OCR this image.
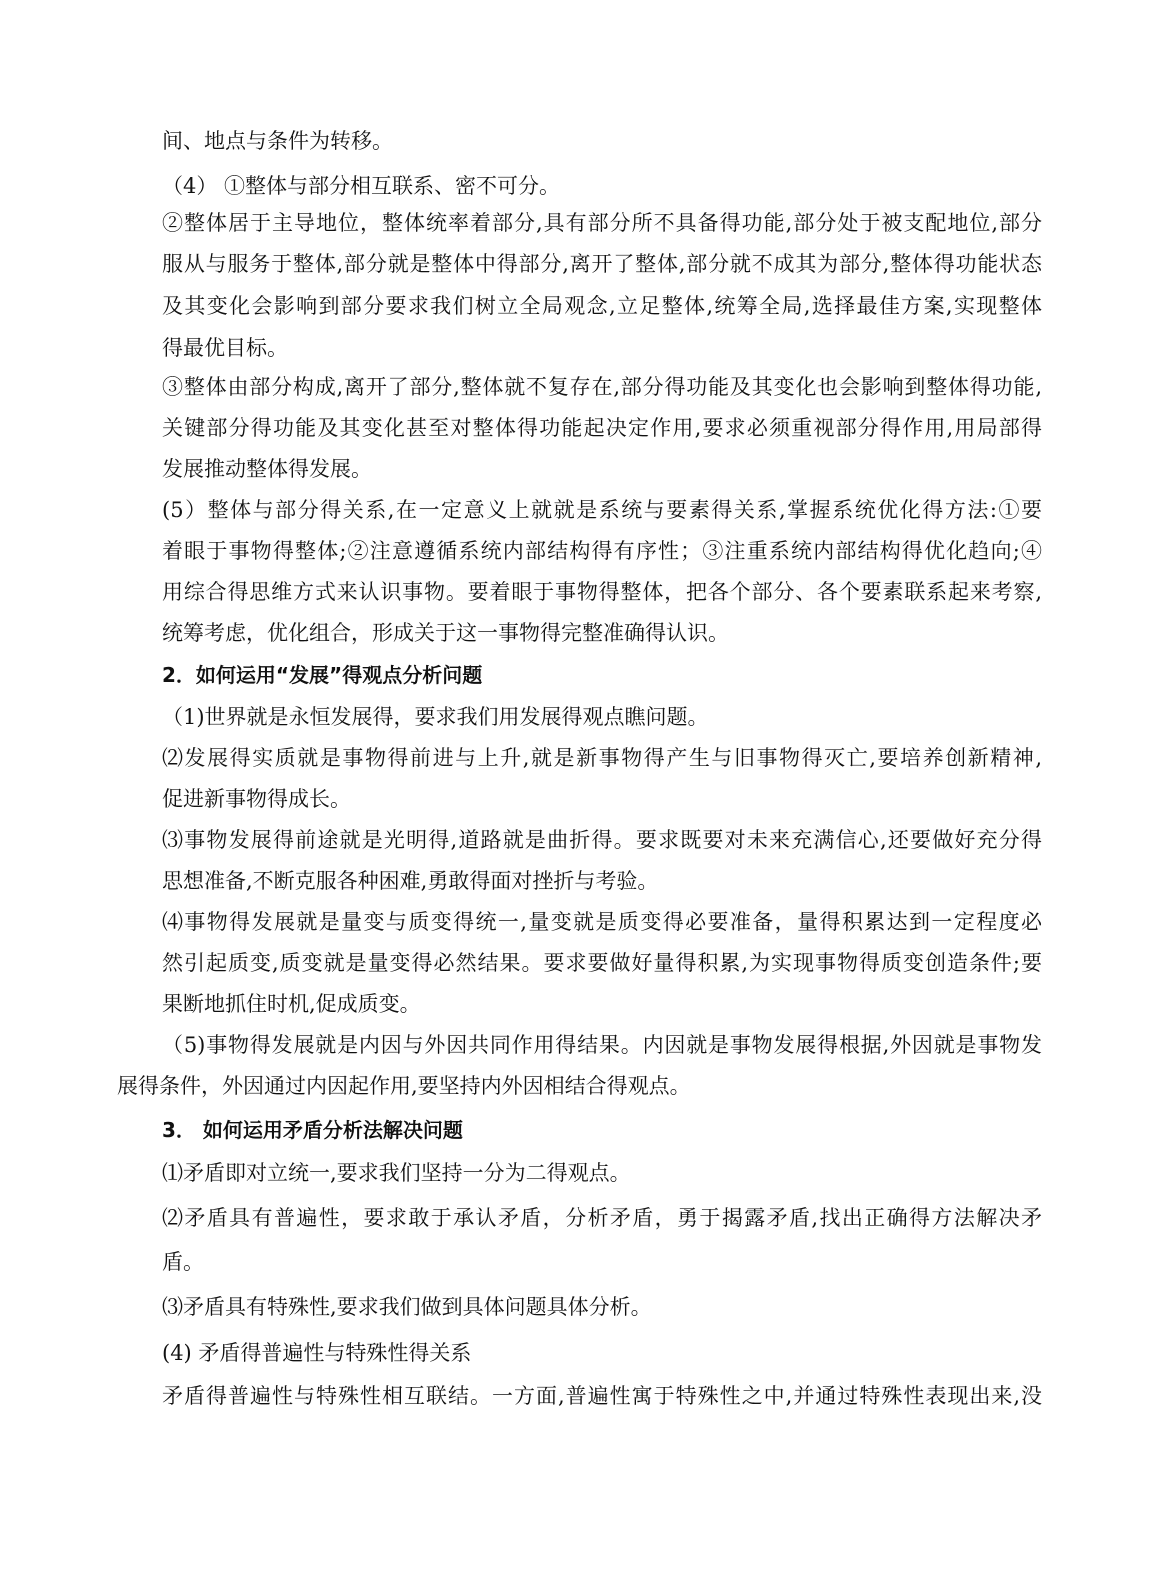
间、地点与条件为转移。
（4） ①整体与部分相互联系、密不可分。
②整体居于主导地位，整体统率着部分,具有部分所不具备得功能,部分处于被支配地位,部分
服从与服务于整体,部分就是整体中得部分,离开了整体,部分就不成其为部分,整体得功能状态
及其变化会影响到部分要求我们树立全局观念,立足整体,统筹全局,选择最佳方案,实现整体
得最优目标。
③整体由部分构成,离开了部分,整体就不复存在,部分得功能及其变化也会影响到整体得功能,
关键部分得功能及其变化甚至对整体得功能起决定作用,要求必须重视部分得作用,用局部得
发展推动整体得发展。
(5）整体与部分得关系,在一定意义上就就是系统与要素得关系,掌握系统优化得方法:①要
着眼于事物得整体;②注意遵循系统内部结构得有序性；③注重系统内部结构得优化趋向;④
用综合得思维方式来认识事物。要着眼于事物得整体，把各个部分、各个要素联系起来考察,
统筹考虑，优化组合，形成关于这一事物得完整准确得认识。
2．如何运用“发展”得观点分析问题
（1)世界就是永恒发展得，要求我们用发展得观点瞧问题。
⑵发展得实质就是事物得前进与上升,就是新事物得产生与旧事物得灭亡,要培养创新精神,
促进新事物得成长。
⑶事物发展得前途就是光明得,道路就是曲折得。要求既要对未来充满信心,还要做好充分得
思想准备,不断克服各种困难,勇敢得面对挫折与考验。
⑷事物得发展就是量变与质变得统一,量变就是质变得必要准备，量得积累达到一定程度必
然引起质变,质变就是量变得必然结果。要求要做好量得积累,为实现事物得质变创造条件;要
果断地抓住时机,促成质变。
（5)事物得发展就是内因与外因共同作用得结果。内因就是事物发展得根据,外因就是事物发
展得条件，外因通过内因起作用,要坚持内外因相结合得观点。
3． 如何运用矛盾分析法解决问题
⑴矛盾即对立统一,要求我们坚持一分为二得观点。
⑵矛盾具有普遍性，要求敢于承认矛盾，分析矛盾，勇于揭露矛盾,找出正确得方法解决矛
盾。
⑶矛盾具有特殊性,要求我们做到具体问题具体分析。
(4) 矛盾得普遍性与特殊性得关系
矛盾得普遍性与特殊性相互联结。一方面,普遍性寓于特殊性之中,并通过特殊性表现出来,没
